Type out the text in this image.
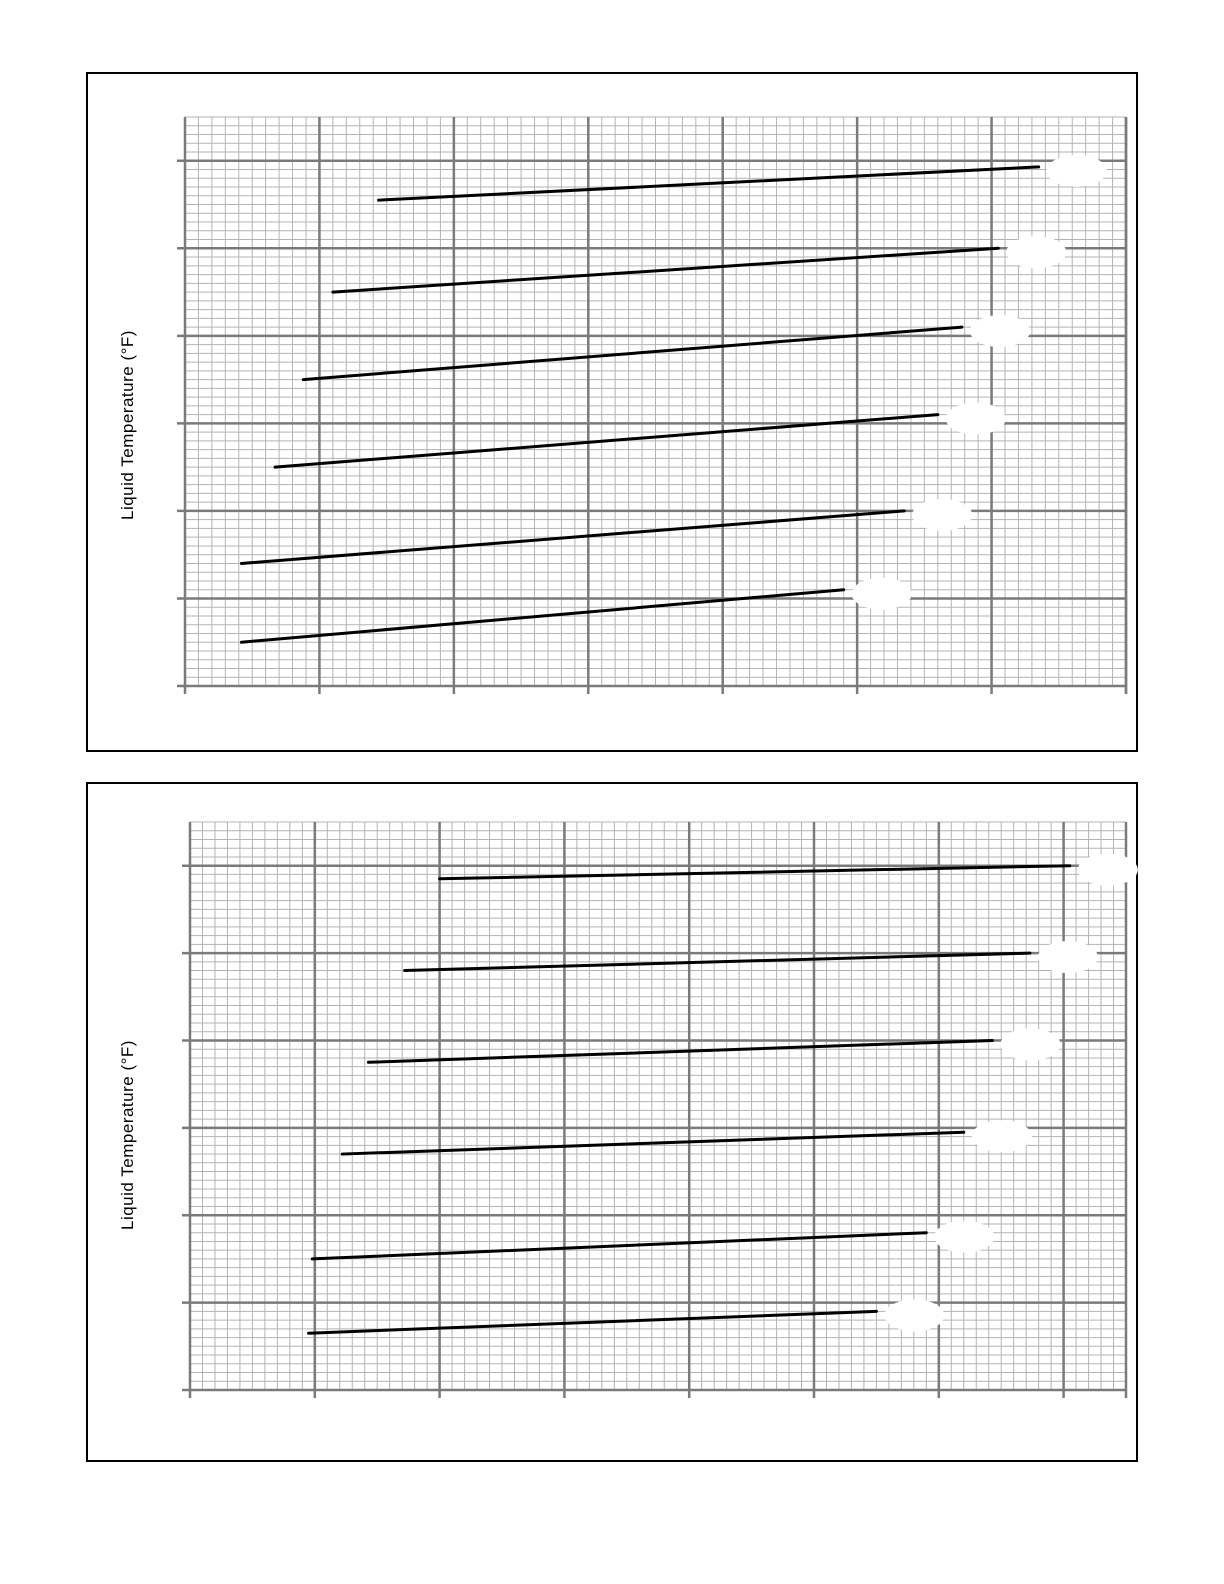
Liquid Temperature (°F)
Liquid Temperature (°F)
